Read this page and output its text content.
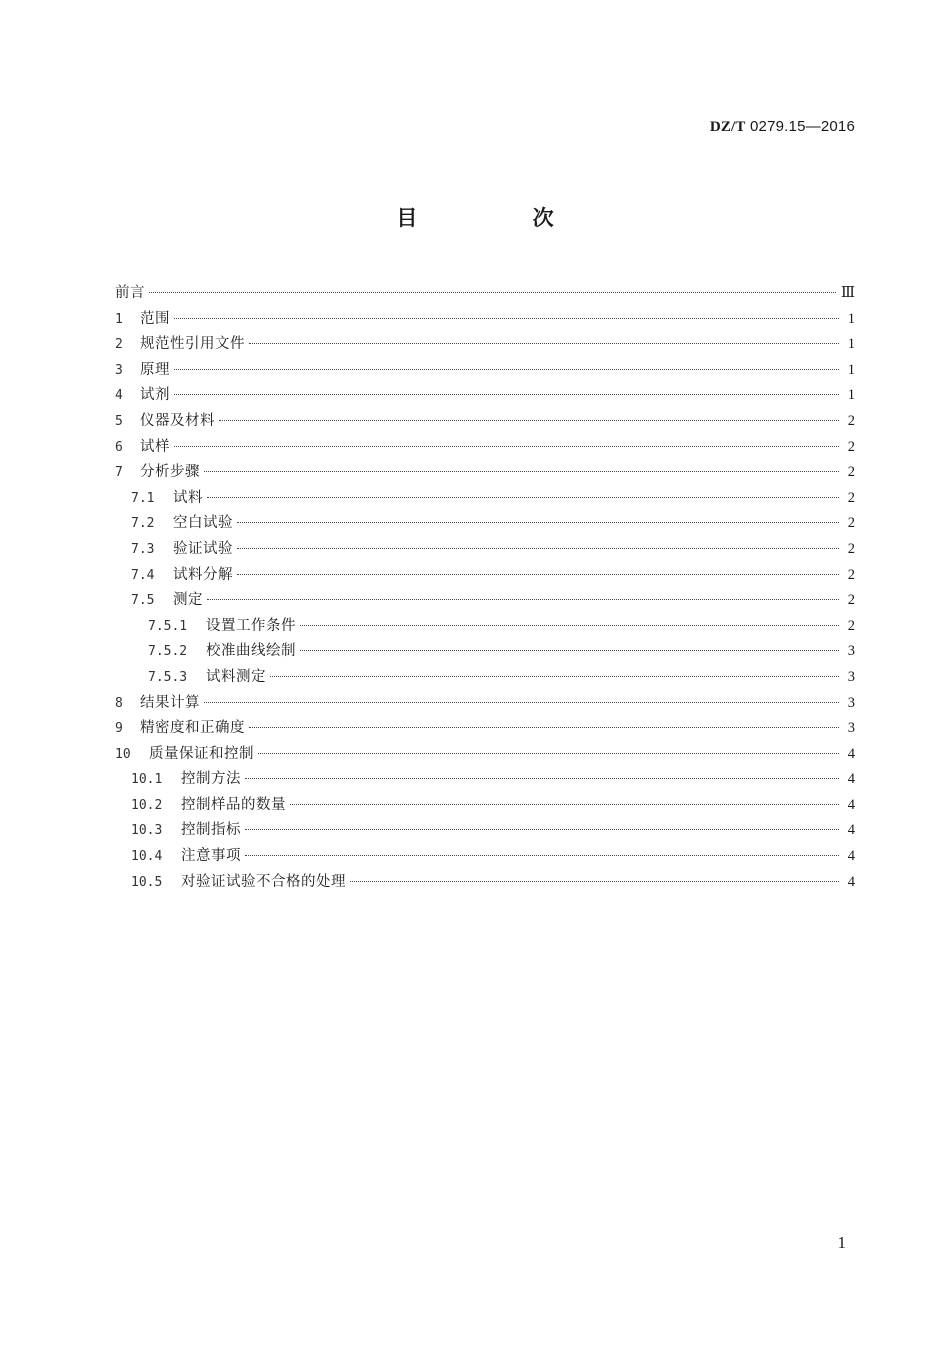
DZ/T 0279.15—2016
目 次
前言	Ⅲ
1	范围	1
2	规范性引用文件	1
3	原理	1
4	试剂	1
5	仪器及材料	2
6	试样	2
7	分析步骤	2
7.1	试料	2
7.2	空白试验	2
7.3	验证试验	2
7.4	试料分解	2
7.5	测定	2
7.5.1	设置工作条件	2
7.5.2	校准曲线绘制	3
7.5.3	试料测定	3
8	结果计算	3
9	精密度和正确度	3
10	质量保证和控制	4
10.1	控制方法	4
10.2	控制样品的数量	4
10.3	控制指标	4
10.4	注意事项	4
10.5	对验证试验不合格的处理	4
1
